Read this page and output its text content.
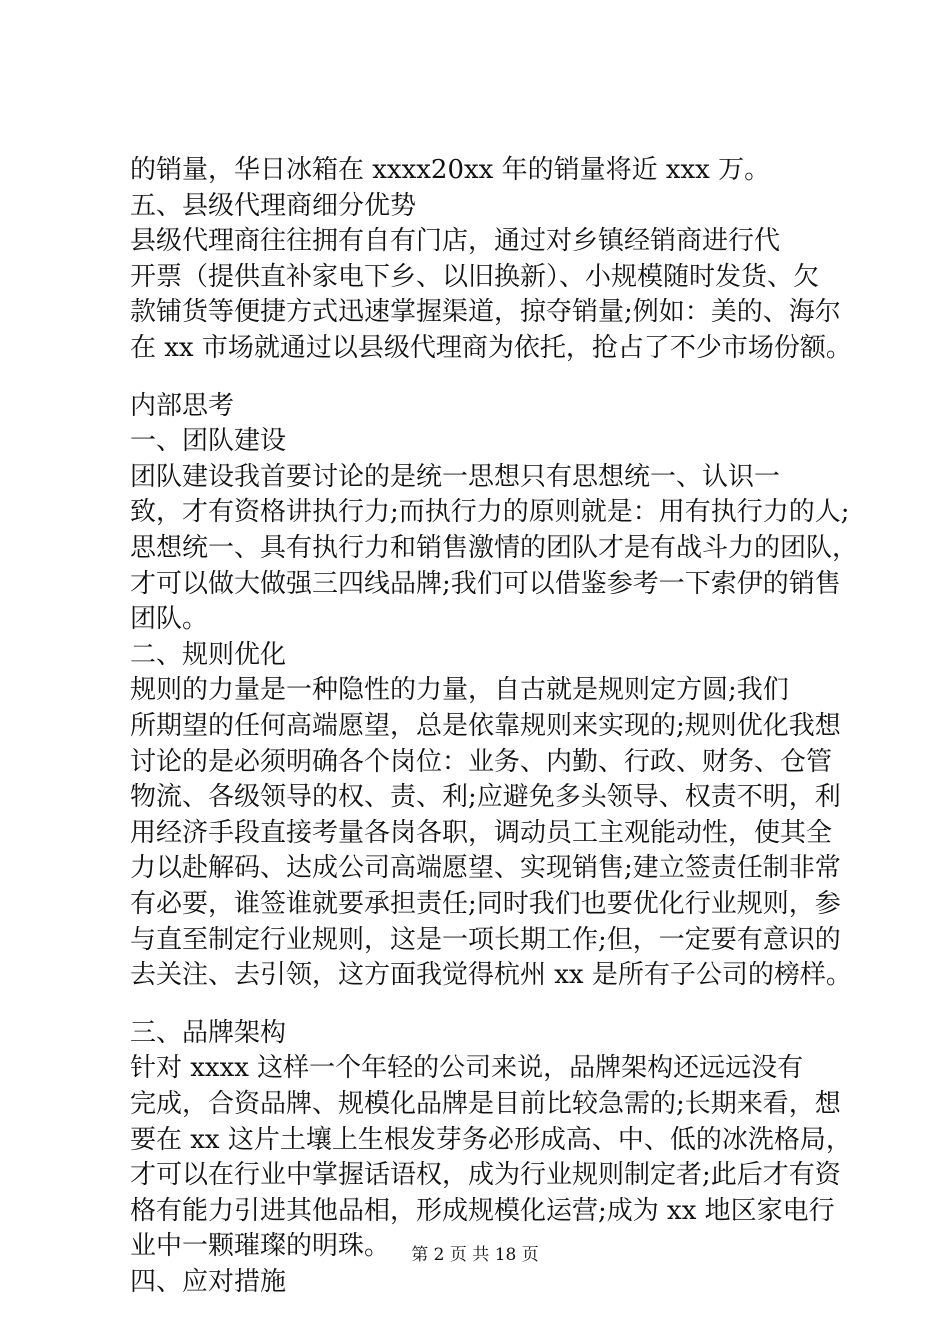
的销量，华日冰箱在 xxxx20xx 年的销量将近 xxx 万。
五、县级代理商细分优势
县级代理商往往拥有自有门店，通过对乡镇经销商进行代
开票（提供直补家电下乡、以旧换新）、小规模随时发货、欠
款铺货等便捷方式迅速掌握渠道，掠夺销量;例如：美的、海尔
在 xx 市场就通过以县级代理商为依托，抢占了不少市场份额。
内部思考
一、团队建设
团队建设我首要讨论的是统一思想只有思想统一、认识一
致，才有资格讲执行力;而执行力的原则就是：用有执行力的人;
思想统一、具有执行力和销售激情的团队才是有战斗力的团队，
才可以做大做强三四线品牌;我们可以借鉴参考一下索伊的销售
团队。
二、规则优化
规则的力量是一种隐性的力量，自古就是规则定方圆;我们
所期望的任何高端愿望，总是依靠规则来实现的;规则优化我想
讨论的是必须明确各个岗位：业务、内勤、行政、财务、仓管
物流、各级领导的权、责、利;应避免多头领导、权责不明，利
用经济手段直接考量各岗各职，调动员工主观能动性，使其全
力以赴解码、达成公司高端愿望、实现销售;建立签责任制非常
有必要，谁签谁就要承担责任;同时我们也要优化行业规则，参
与直至制定行业规则，这是一项长期工作;但，一定要有意识的
去关注、去引领，这方面我觉得杭州 xx 是所有子公司的榜样。
三、品牌架构
针对 xxxx 这样一个年轻的公司来说，品牌架构还远远没有
完成，合资品牌、规模化品牌是目前比较急需的;长期来看，想
要在 xx 这片土壤上生根发芽务必形成高、中、低的冰洗格局，
才可以在行业中掌握话语权，成为行业规则制定者;此后才有资
格有能力引进其他品相，形成规模化运营;成为 xx 地区家电行
业中一颗璀璨的明珠。
四、应对措施
第 2 页 共 18 页
